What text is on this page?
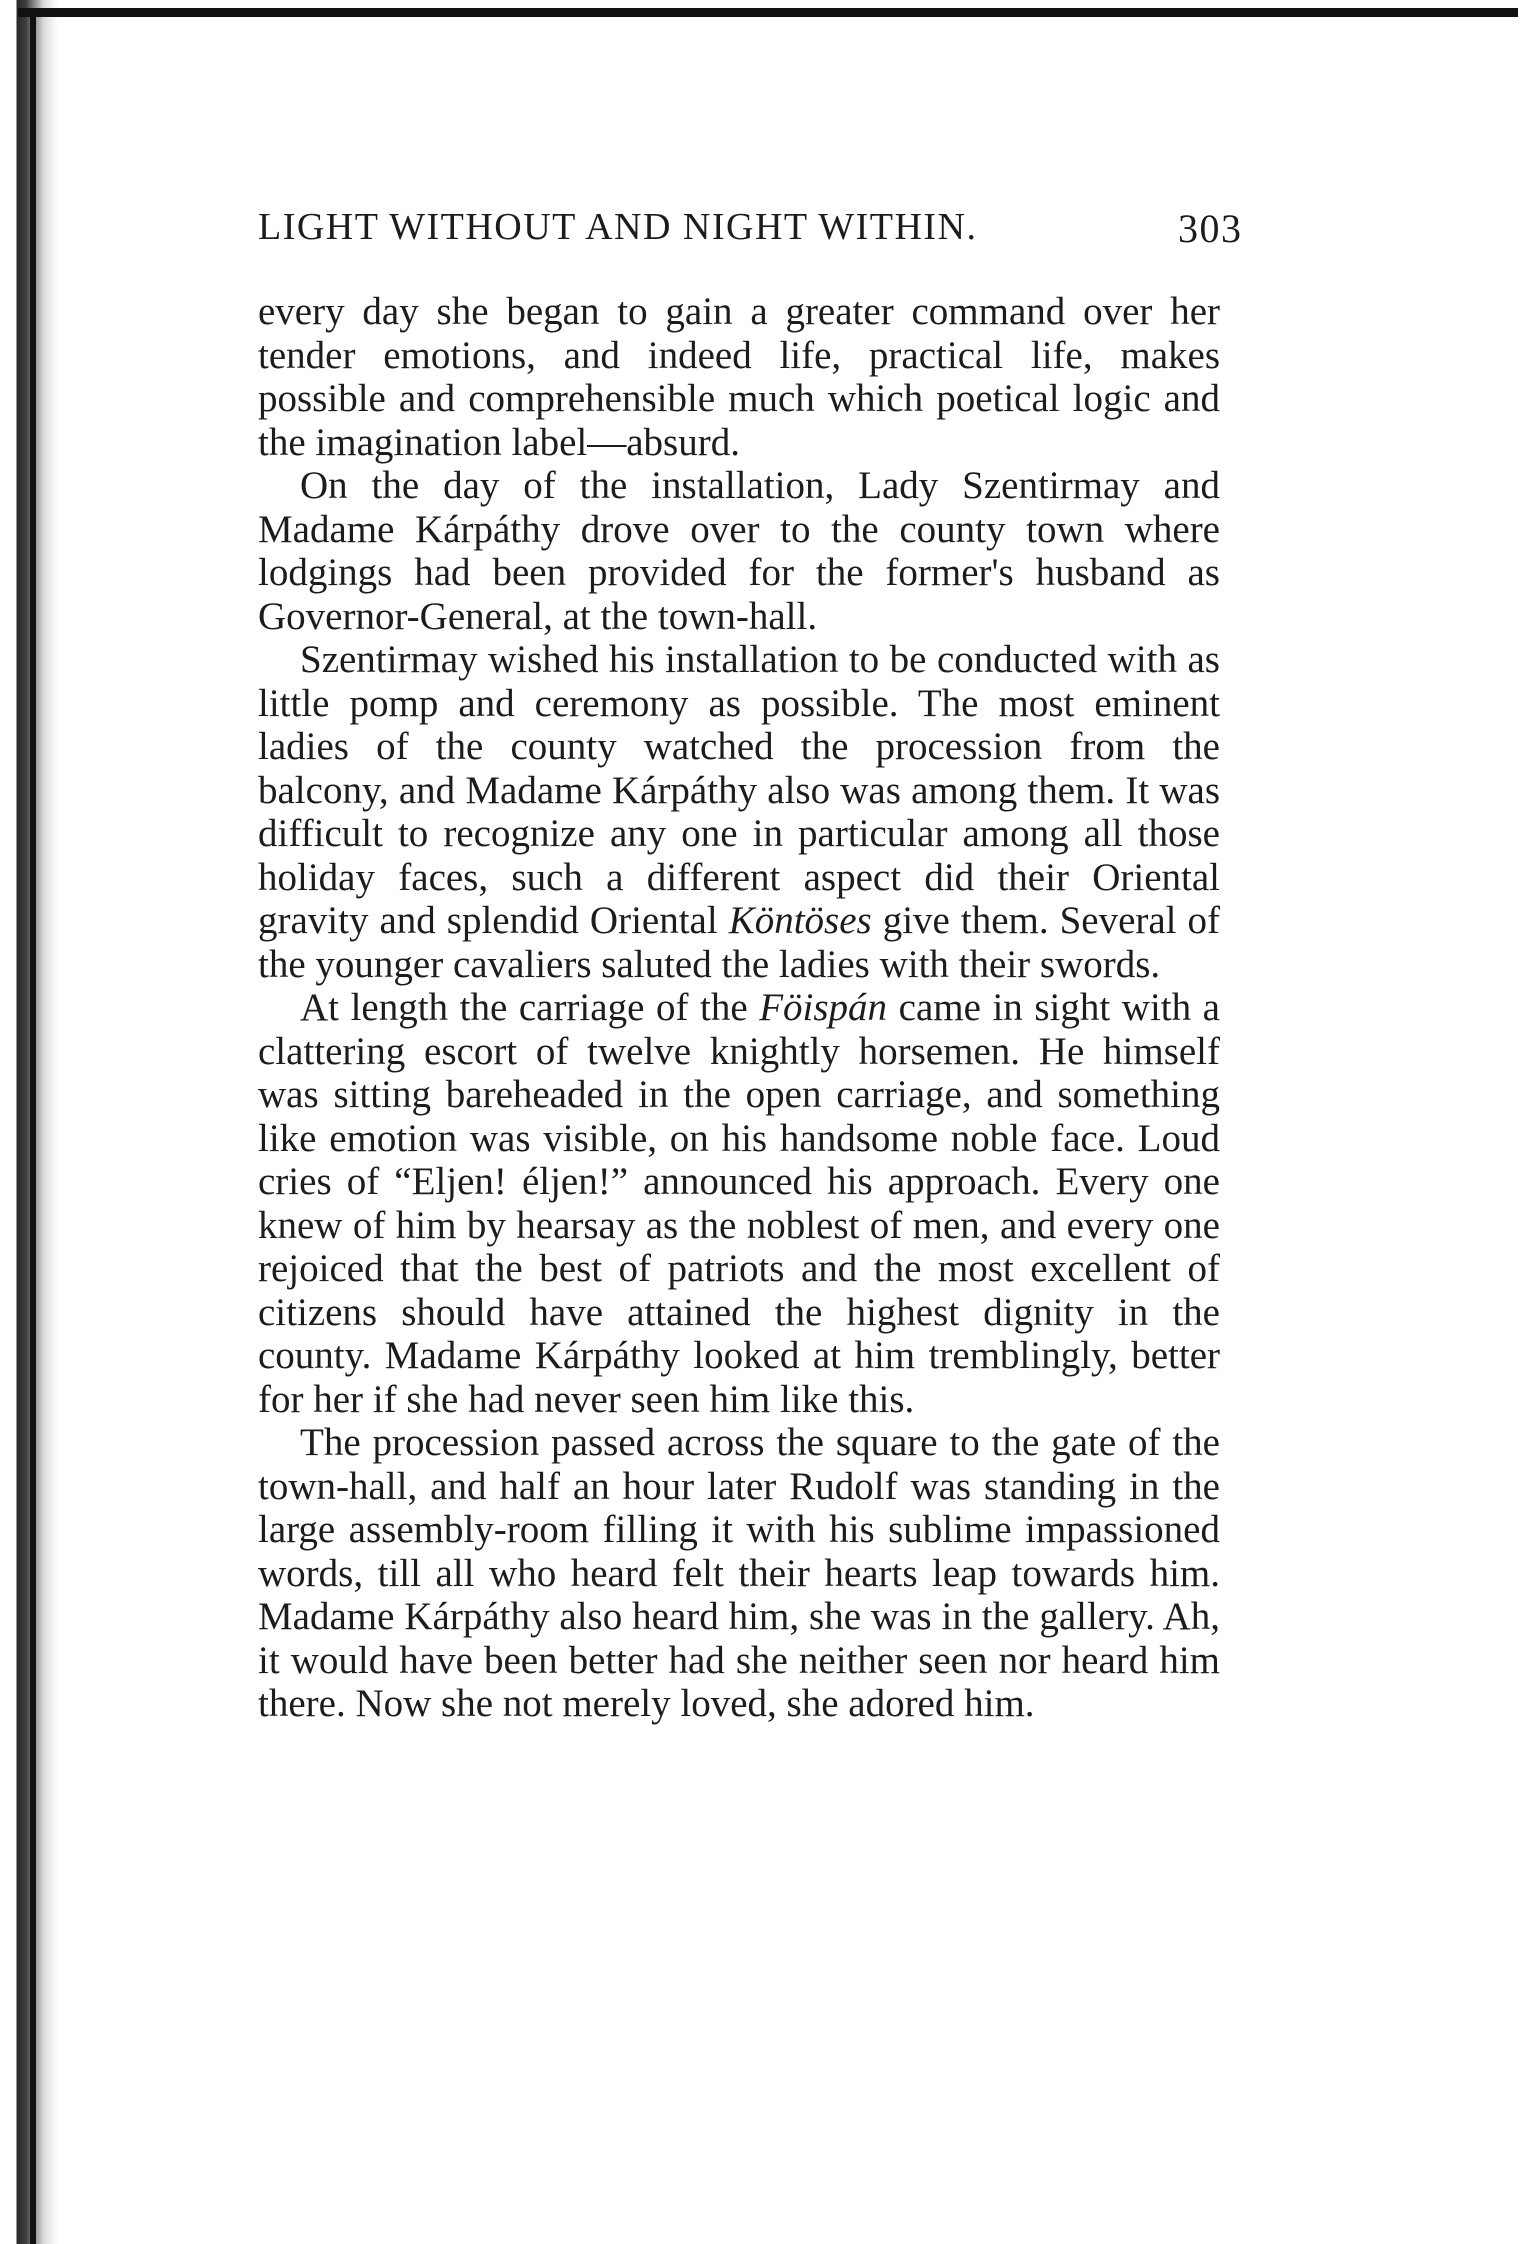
LIGHT WITHOUT AND NIGHT WITHIN.	303

every day she began to gain a greater command over her tender emotions, and indeed life, practical life, makes possible and comprehensible much which poetical logic and the imagination label—absurd.

On the day of the installation, Lady Szentirmay and Madame Kárpáthy drove over to the county town where lodgings had been provided for the former's husband as Governor-General, at the town-hall.

Szentirmay wished his installation to be conducted with as little pomp and ceremony as possible. The most eminent ladies of the county watched the procession from the balcony, and Madame Kárpáthy also was among them. It was difficult to recognize any one in particular among all those holiday faces, such a different aspect did their Oriental gravity and splendid Oriental Köntöses give them. Several of the younger cavaliers saluted the ladies with their swords.

At length the carriage of the Föispán came in sight with a clattering escort of twelve knightly horsemen. He himself was sitting bareheaded in the open carriage, and something like emotion was visible, on his handsome noble face. Loud cries of “Eljen! éljen!” announced his approach. Every one knew of him by hearsay as the noblest of men, and every one rejoiced that the best of patriots and the most excellent of citizens should have attained the highest dignity in the county. Madame Kárpáthy looked at him tremblingly, better for her if she had never seen him like this.

The procession passed across the square to the gate of the town-hall, and half an hour later Rudolf was standing in the large assembly-room filling it with his sublime impassioned words, till all who heard felt their hearts leap towards him. Madame Kárpáthy also heard him, she was in the gallery. Ah, it would have been better had she neither seen nor heard him there. Now she not merely loved, she adored him.
